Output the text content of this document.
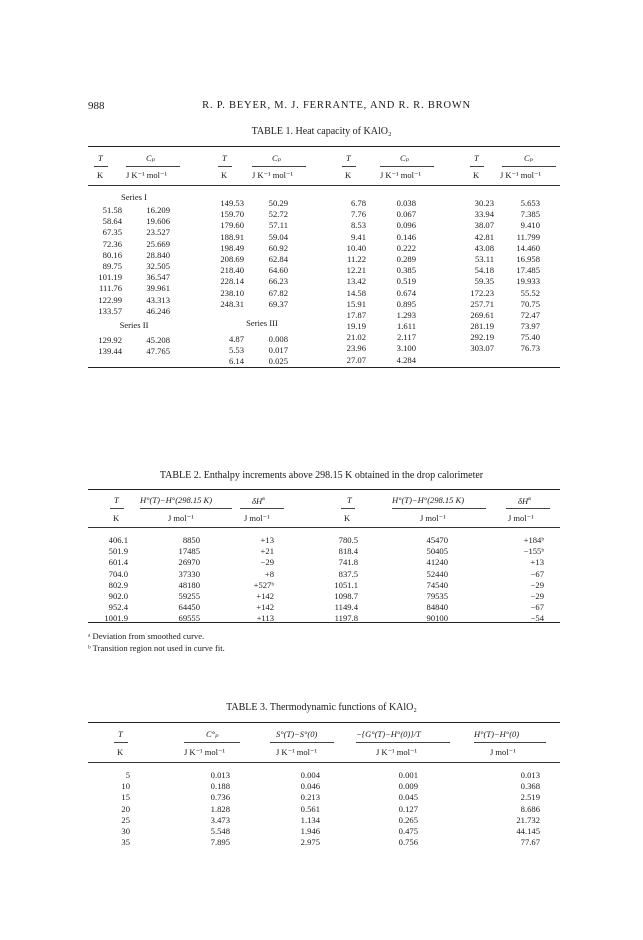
988	R. P. BEYER, M. J. FERRANTE, AND R. R. BROWN
TABLE 1. Heat capacity of KAlO₂
T
K
Cₚ
J K⁻¹ mol⁻¹
T
K
Cₚ
J K⁻¹ mol⁻¹
T
K
Cₚ
J K⁻¹ mol⁻¹
T
K
Cₚ
J K⁻¹ mol⁻¹
Series I
51.58
58.64
67.35
72.36
80.16
89.75
101.19
111.76
122.99
133.57
16.209
19.606
23.527
25.669
28.840
32.505
36.547
39.961
43.313
46.246
Series II
129.92
139.44
45.208
47.765
149.53
159.70
179.60
188.91
198.49
208.69
218.40
228.14
238.10
248.31
50.29
52.72
57.11
59.04
60.92
62.84
64.60
66.23
67.82
69.37
Series III
4.87
5.53
6.14
0.008
0.017
0.025
6.78
7.76
8.53
9.41
10.40
11.22
12.21
13.42
14.58
15.91
17.87
19.19
21.02
23.96
27.07
0.038
0.067
0.096
0.146
0.222
0.289
0.385
0.519
0.674
0.895
1.293
1.611
2.117
3.100
4.284
30.23
33.94
38.07
42.81
43.08
53.11
54.18
59.35
172.23
257.71
269.61
281.19
292.19
303.07
5.653
7.385
9.410
11.799
14.460
16.958
17.485
19.933
55.52
70.75
72.47
73.97
75.40
76.73
TABLE 2. Enthalpy increments above 298.15 K obtained in the drop calorimeter
T
K
H°(T)−H°(298.15 K)
J mol⁻¹
$\delta H^a$
J mol⁻¹
T
K
H°(T)−H°(298.15 K)
J mol⁻¹
$\delta H^a$
J mol⁻¹
406.1
501.9
601.4
704.0
802.9
902.0
952.4
1001.9
8850
17485
26970
37330
48180
59255
64450
69555
+13
+21
−29
+8
+527ᵇ
+142
+142
+113
780.5
818.4
741.8
837.5
1051.1
1098.7
1149.4
1197.8
45470
50405
41240
52440
74540
79535
84840
90100
+184ᵇ
−155ᵇ
+13
−67
−29
−29
−67
−54
ᵃ Deviation from smoothed curve.
ᵇ Transition region not used in curve fit.
TABLE 3. Thermodynamic functions of KAlO₂
T
K
C°ₚ
J K⁻¹ mol⁻¹
S°(T)−S°(0)
J K⁻¹ mol⁻¹
−{G°(T)−H°(0)}/T
J K⁻¹ mol⁻¹
H°(T)−H°(0)
J mol⁻¹
5
10
15
20
25
30
35
0.013
0.188
0.736
1.828
3.473
5.548
7.895
0.004
0.046
0.213
0.561
1.134
1.946
2.975
0.001
0.009
0.045
0.127
0.265
0.475
0.756
0.013
0.368
2.519
8.686
21.732
44.145
77.67
